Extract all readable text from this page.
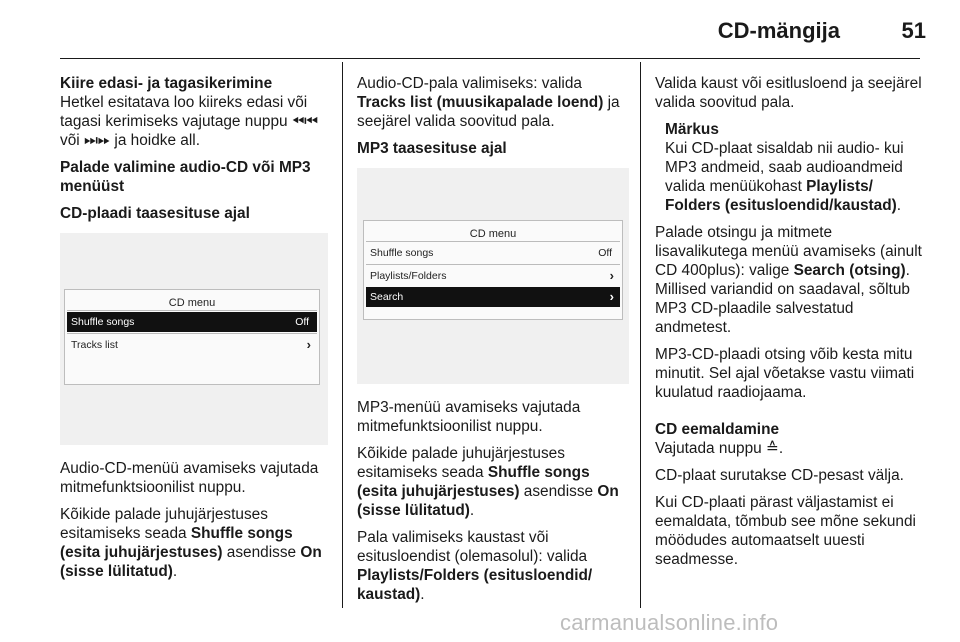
CD-mängija	51
Kiire edasi- ja tagasikerimine
Hetkel esitatava loo kiireks edasi või tagasi kerimiseks vajutage nuppu ⏪︎⏮︎ või ⏭︎⏩︎ ja hoidke all.
Palade valimine audio-CD või MP3 menüüst
CD-plaadi taasesituse ajal
CD menu
Shuffle songs	Off
Tracks list	›
Audio-CD-menüü avamiseks vajutada mitmefunktsioonilist nuppu.
Kõikide palade juhujärjestuses esitamiseks seada Shuffle songs (esita juhujärjestuses) asendisse On (sisse lülitatud).
Audio-CD-pala valimiseks: valida Tracks list (muusikapalade loend) ja seejärel valida soovitud pala.
MP3 taasesituse ajal
CD menu
Shuffle songs	Off
Playlists/Folders	›
Search	›
MP3-menüü avamiseks vajutada mitmefunktsioonilist nuppu.
Kõikide palade juhujärjestuses esitamiseks seada Shuffle songs (esita juhujärjestuses) asendisse On (sisse lülitatud).
Pala valimiseks kaustast või esitusloendist (olemasolul): valida Playlists/Folders (esitusloendid/ kaustad).
Valida kaust või esitlusloend ja seejärel valida soovitud pala.
Märkus
Kui CD-plaat sisaldab nii audio- kui MP3 andmeid, saab audioandmeid valida menüükohast Playlists/ Folders (esitusloendid/kaustad).
Palade otsingu ja mitmete lisavalikutega menüü avamiseks (ainult CD 400plus): valige Search (otsing). Millised variandid on saadaval, sõltub MP3 CD-plaadile salvestatud andmetest.
MP3-CD-plaadi otsing võib kesta mitu minutit. Sel ajal võetakse vastu viimati kuulatud raadiojaama.
CD eemaldamine
Vajutada nuppu ≙.
CD-plaat surutakse CD-pesast välja.
Kui CD-plaati pärast väljastamist ei eemaldata, tõmbub see mõne sekundi möödudes automaatselt uuesti seadmesse.
carmanualsonline.info
